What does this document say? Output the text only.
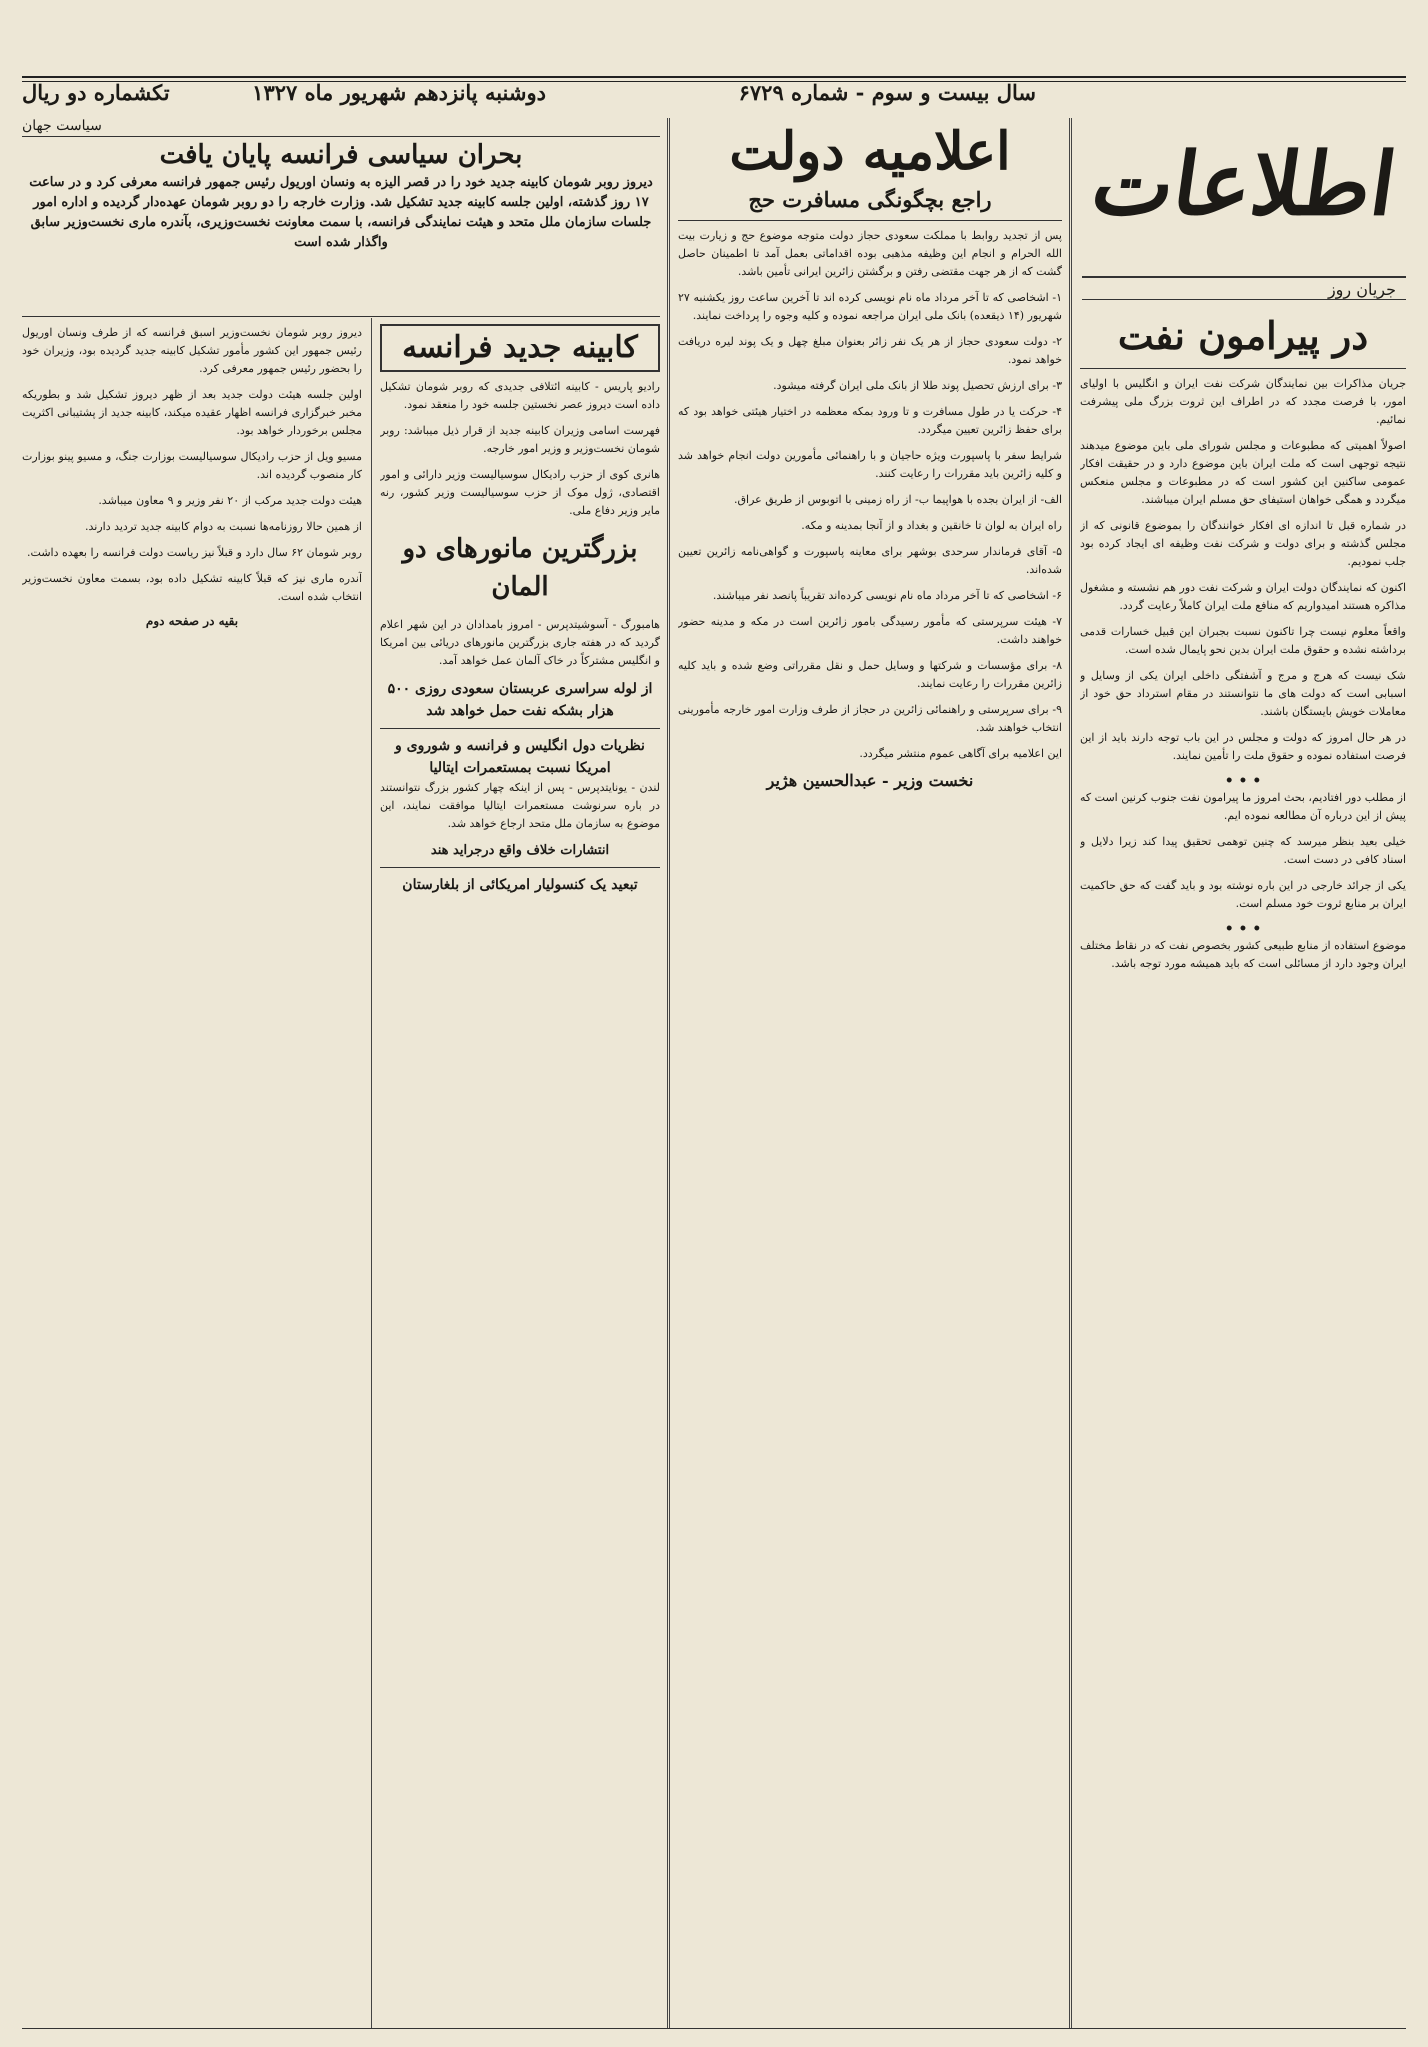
سال بیست و سوم - شماره ۶۷۲۹
دوشنبه پانزدهم شهریور ماه ۱۳۲۷
تکشماره دو ریال
اطلاعات
جریان روز
در پیرامون نفت

جریان مذاکرات بین نمایندگان شرکت نفت ایران و انگلیس با اولیای امور، با فرصت مجدد که در اطراف این ثروت بزرگ ملی پیشرفت نمائیم.

اصولاً اهمیتی که مطبوعات و مجلس شورای ملی باین موضوع میدهند نتیجه توجهی است که ملت ایران باین موضوع دارد و در حقیقت افکار عمومی ساکنین این کشور است که در مطبوعات و مجلس منعکس میگردد و همگی خواهان استیفای حق مسلم ایران میباشند.

در شماره قبل تا اندازه ای افکار خوانندگان را بموضوع قانونی که از مجلس گذشته و برای دولت و شرکت نفت وظیفه ای ایجاد کرده بود جلب نمودیم.

اکنون که نمایندگان دولت ایران و شرکت نفت دور هم نشسته و مشغول مذاکره هستند امیدواریم که منافع ملت ایران کاملاً رعایت گردد.

واقعاً معلوم نیست چرا تاکنون نسبت بجبران این قبیل خسارات قدمی برداشته نشده و حقوق ملت ایران بدین نحو پایمال شده است.

شک نیست که هرج و مرج و آشفتگی داخلی ایران یکی از وسایل و اسبابی است که دولت های ما نتوانستند در مقام استرداد حق خود از معاملات خویش بایستگان باشند.

در هر حال امروز که دولت و مجلس در این باب توجه دارند باید از این فرصت استفاده نموده و حقوق ملت را تأمین نمایند.

• • •

از مطلب دور افتادیم، بحث امروز ما پیرامون نفت جنوب کرنین است که پیش از این درباره آن مطالعه نموده ایم.

خیلی بعید بنظر میرسد که چنین توهمی تحقیق پیدا کند زیرا دلایل و اسناد کافی در دست است.

یکی از جرائد خارجی در این باره نوشته بود و باید گفت که حق حاکمیت ایران بر منابع ثروت خود مسلم است.

• • •

موضوع استفاده از منابع طبیعی کشور بخصوص نفت که در نقاط مختلف ایران وجود دارد از مسائلی است که باید همیشه مورد توجه باشد.

اعلامیه دولت
راجع بچگونگی مسافرت حج

پس از تجدید روابط با مملکت سعودی حجاز دولت متوجه موضوع حج و زیارت بیت الله الحرام و انجام این وظیفه مذهبی بوده اقداماتی بعمل آمد تا اطمینان حاصل گشت که از هر جهت مقتضی رفتن و برگشتن زائرین ایرانی تأمین باشد.

۱- اشخاصی که تا آخر مرداد ماه نام نویسی کرده اند تا آخرین ساعت روز یکشنبه ۲۷ شهریور (۱۴ ذیقعده) بانک ملی ایران مراجعه نموده و کلیه وجوه را پرداخت نمایند.

۲- دولت سعودی حجاز از هر یک نفر زائر بعنوان مبلغ چهل و یک پوند لیره دریافت خواهد نمود.

۳- برای ارزش تحصیل پوند طلا از بانک ملی ایران گرفته میشود.

۴- حرکت یا در طول مسافرت و تا ورود بمکه معظمه در اختیار هیئتی خواهد بود که برای حفظ زائرین تعیین میگردد.

شرایط سفر با پاسپورت ویژه حاجیان و با راهنمائی مأمورین دولت انجام خواهد شد و کلیه زائرین باید مقررات را رعایت کنند.

الف- از ایران بجده با هواپیما ب- از راه زمینی با اتوبوس از طریق عراق.

راه ایران به لوان تا خانقین و بغداد و از آنجا بمدینه و مکه.

۵- آقای فرماندار سرحدی بوشهر برای معاینه پاسپورت و گواهی‌نامه زائرین تعیین شده‌اند.

۶- اشخاصی که تا آخر مرداد ماه نام نویسی کرده‌اند تقریباً پانصد نفر میباشند.

۷- هیئت سرپرستی که مأمور رسیدگی بامور زائرین است در مکه و مدینه حضور خواهند داشت.

۸- برای مؤسسات و شرکتها و وسایل حمل و نقل مقرراتی وضع شده و باید کلیه زائرین مقررات را رعایت نمایند.

۹- برای سرپرستی و راهنمائی زائرین در حجاز از طرف وزارت امور خارجه مأمورینی انتخاب خواهند شد.

این اعلامیه برای آگاهی عموم منتشر میگردد.

نخست وزیر - عبدالحسین هژیر
سیاست جهان
بحران سیاسی فرانسه پایان یافت

دیروز روبر شومان کابینه جدید خود را در قصر الیزه به ونسان اوریول رئیس جمهور فرانسه معرفی کرد و در ساعت ۱۷ روز گذشته، اولین جلسه کابینه جدید تشکیل شد. وزارت خارجه را دو روبر شومان عهده‌دار گردیده و اداره امور جلسات سازمان ملل متحد و هیئت نمایندگی فرانسه، با سمت معاونت نخست‌وزیری، بآندره ماری نخست‌وزیر سابق واگذار شده است

کابینه جدید فرانسه

رادیو پاریس - کابینه ائتلافی جدیدی که روبر شومان تشکیل داده است دیروز عصر نخستین جلسه خود را منعقد نمود.

فهرست اسامی وزیران کابینه جدید از قرار ذیل میباشد: روبر شومان نخست‌وزیر و وزیر امور خارجه.

هانری کوی از حزب رادیکال سوسیالیست وزیر دارائی و امور اقتصادی، ژول موک از حزب سوسیالیست وزیر کشور، رنه مایر وزیر دفاع ملی.

بزرگترین مانورهای دو المان

هامبورگ - آسوشیتدپرس - امروز بامدادان در این شهر اعلام گردید که در هفته جاری بزرگترین مانورهای دریائی بین امریکا و انگلیس مشترکاً در خاک آلمان عمل خواهد آمد.

از لوله سراسری عربستان سعودی روزی ۵۰۰ هزار بشکه نفت حمل خواهد شد
نظریات دول انگلیس و فرانسه و شوروی و امریکا نسبت بمستعمرات ایتالیا

لندن - یونایتدپرس - پس از اینکه چهار کشور بزرگ نتوانستند در باره سرنوشت مستعمرات ایتالیا موافقت نمایند، این موضوع به سازمان ملل متحد ارجاع خواهد شد.

انتشارات خلاف واقع درجراید هند
تبعید یک کنسولیار امریکائی از بلغارستان

دیروز روبر شومان نخست‌وزیر اسبق فرانسه که از طرف ونسان اوریول رئیس جمهور این کشور مأمور تشکیل کابینه جدید گردیده بود، وزیران خود را بحضور رئیس جمهور معرفی کرد.

اولین جلسه هیئت دولت جدید بعد از ظهر دیروز تشکیل شد و بطوریکه مخبر خبرگزاری فرانسه اظهار عقیده میکند، کابینه جدید از پشتیبانی اکثریت مجلس برخوردار خواهد بود.

مسیو ویل از حزب رادیکال سوسیالیست بوزارت جنگ، و مسیو پینو بوزارت کار منصوب گردیده اند.

هیئت دولت جدید مرکب از ۲۰ نفر وزیر و ۹ معاون میباشد.

از همین حالا روزنامه‌ها نسبت به دوام کابینه جدید تردید دارند.

روبر شومان ۶۲ سال دارد و قبلاً نیز ریاست دولت فرانسه را بعهده داشت.

آندره ماری نیز که قبلاً کابینه تشکیل داده بود، بسمت معاون نخست‌وزیر انتخاب شده است.

بقیه در صفحه دوم
